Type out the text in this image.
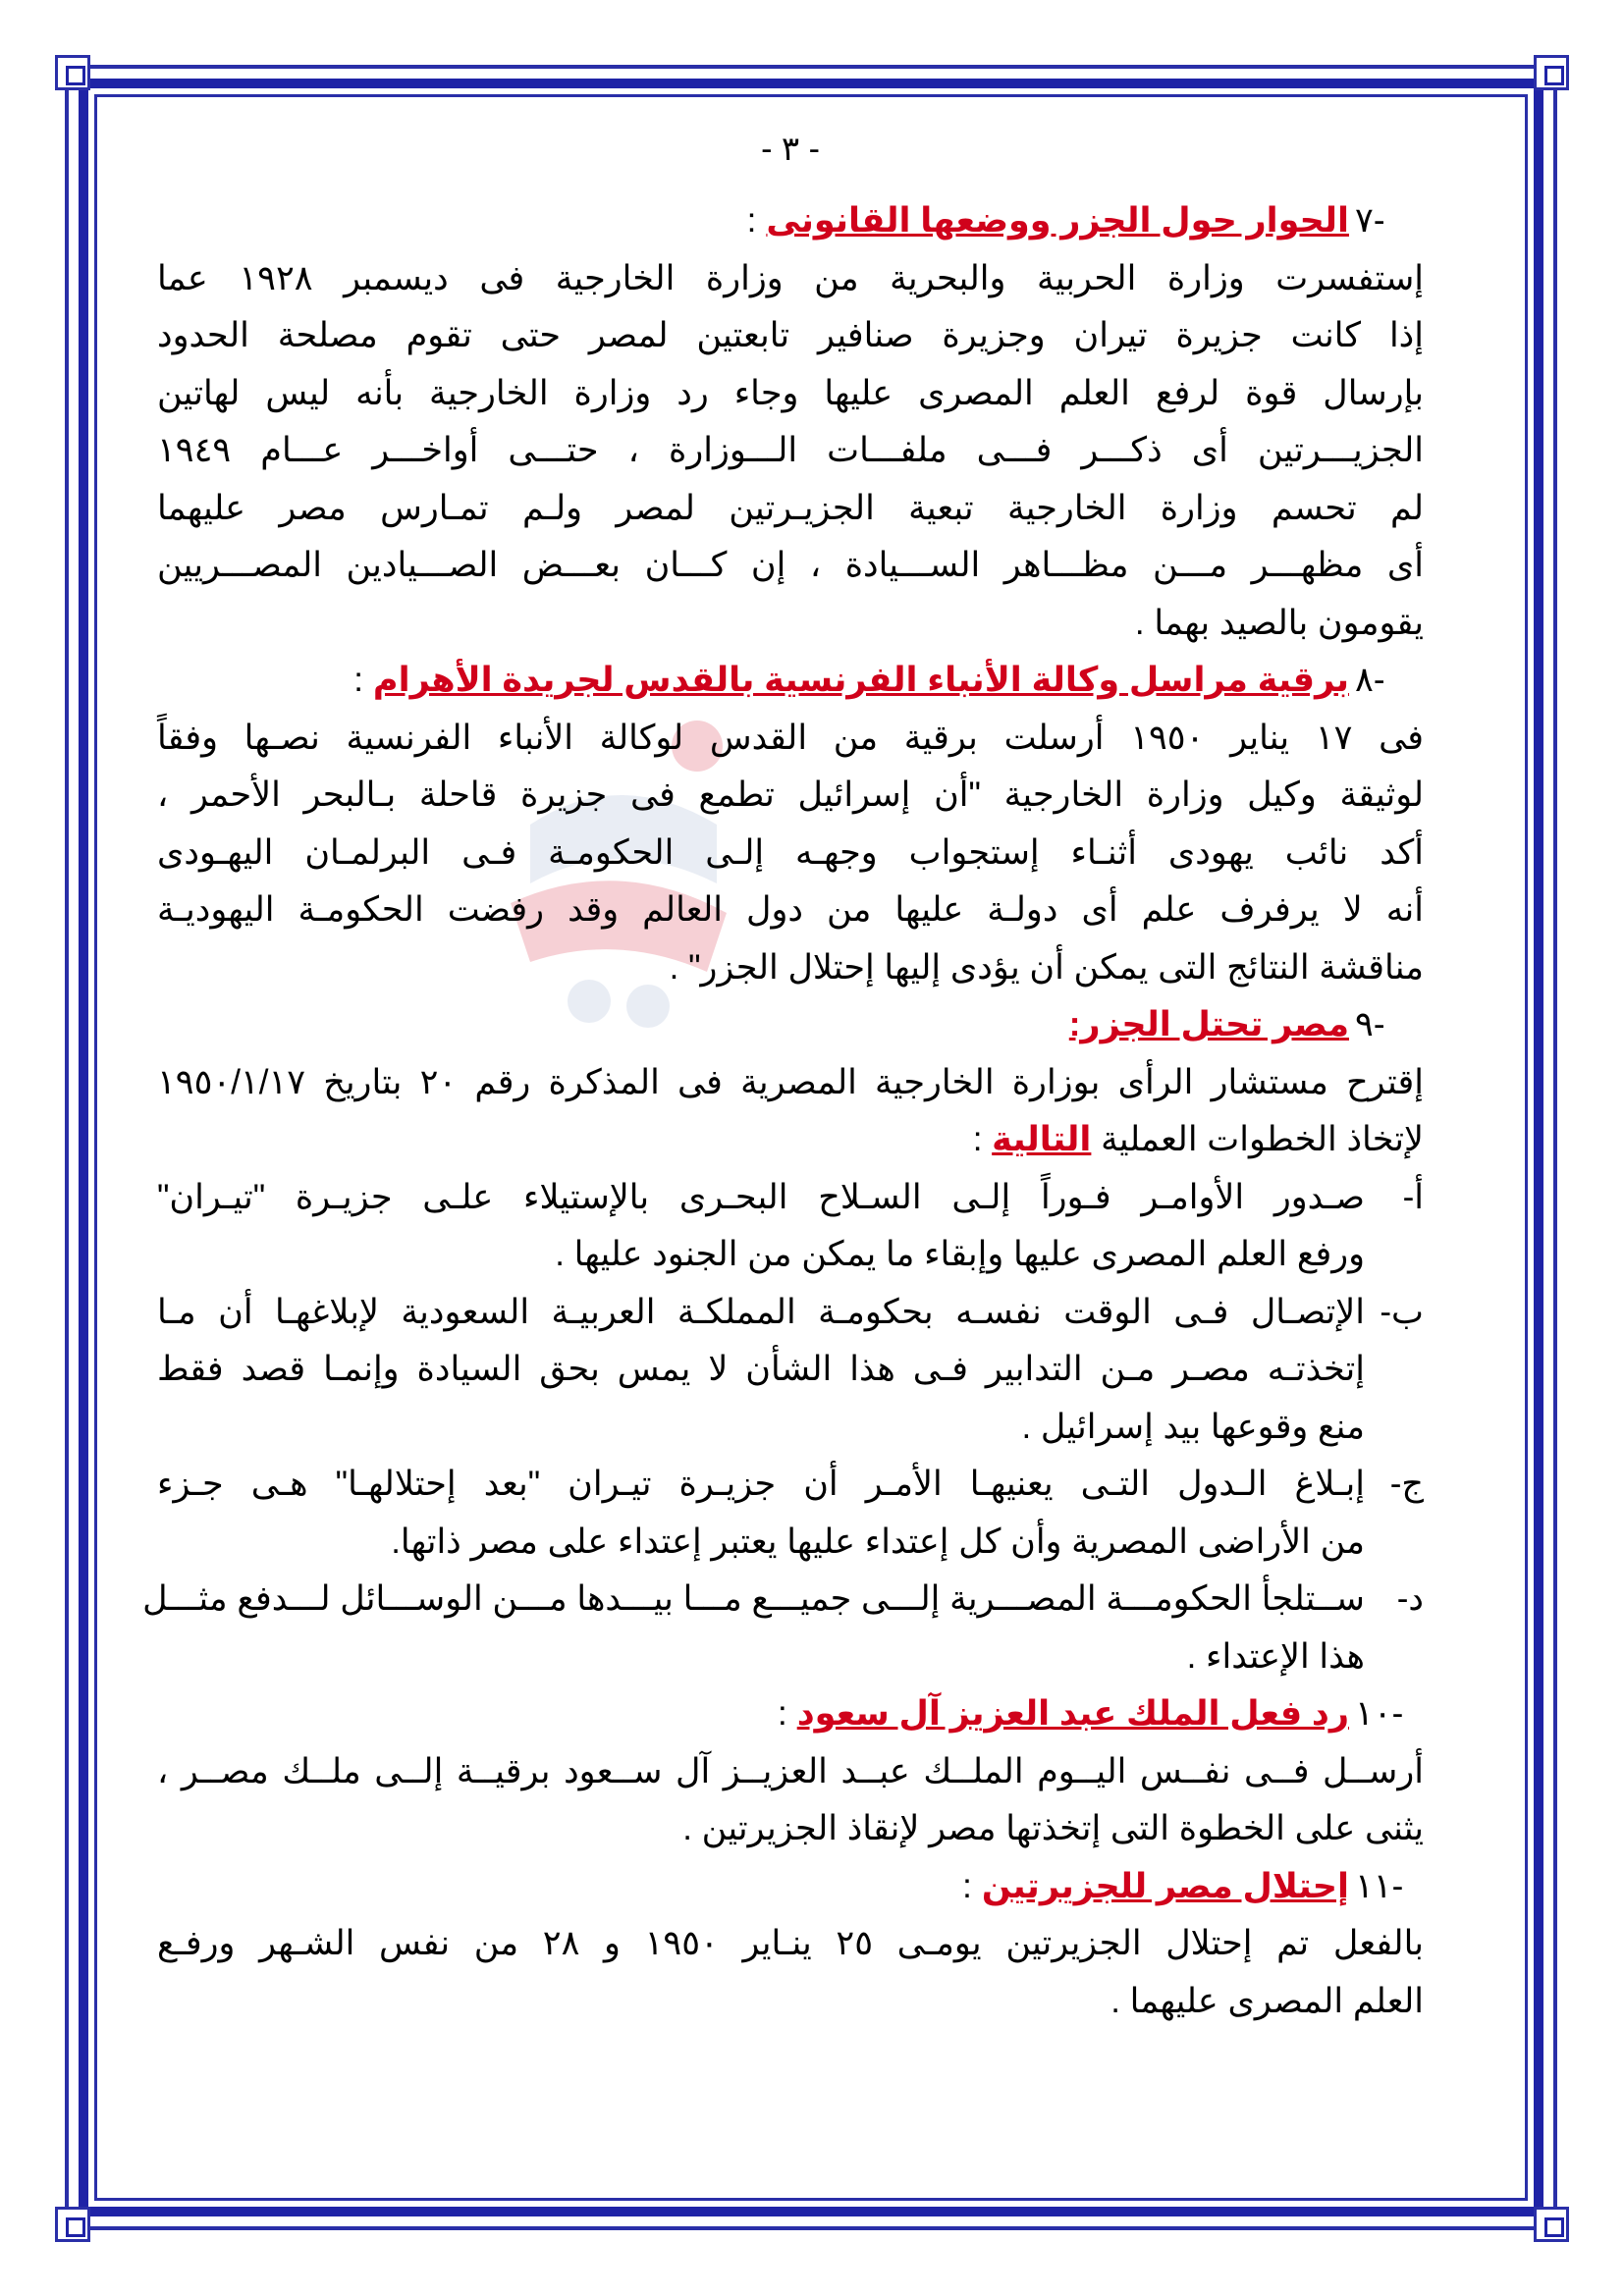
- ٣ -
-٧
الحوار حول الجزر ووضعها القانونى
:
إستفسرت وزارة الحربية والبحرية من وزارة الخارجية فى ديسمبر ١٩٢٨ عما
إذا كانت جزيرة تيران وجزيرة صنافير تابعتين لمصر حتى تقوم مصلحة الحدود
بإرسال قوة لرفع العلم المصرى عليها وجاء رد وزارة الخارجية بأنه ليس لهاتين
الجزيـــرتين أى ذكـــر فـــى ملفـــات الـــوزارة ، حتـــى أواخـــر عـــام ١٩٤٩
لم تحسم وزارة الخارجية تبعية الجزيـرتين لمصر ولـم تمـارس مصر عليهما
أى مظهـــر مـــن مظـــاهر الســـيادة ، إن كـــان بعـــض الصـــيادين المصـــريين
يقومون بالصيد بهما .
-٨
برقية مراسل وكالة الأنباء الفرنسية بالقدس لجريدة الأهرام
:
فى ١٧ يناير ١٩٥٠ أرسلت برقية من القدس لوكالة الأنباء الفرنسية نصـها وفقاً
لوثيقة وكيل وزارة الخارجية "أن إسرائيل تطمع فى جزيرة قاحلة بـالبحر الأحمر ،
أكد نائب يهودى أثنـاء إستجواب وجهـه إلـى الحكومـة فـى البرلمـان اليهـودى
أنه لا يرفرف علم أى دولـة عليها من دول العالم وقد رفضت الحكومـة اليهوديـة
مناقشة النتائج التى يمكن أن يؤدى إليها إحتلال الجزر" .
-٩
مصر تحتل الجزر:
إقترح مستشار الرأى بوزارة الخارجية المصرية فى المذكرة رقم ٢٠ بتاريخ ١٩٥٠/١/١٧
لإتخاذ الخطوات العملية التالية :
أ-
صـدور الأوامـر فـوراً إلـى السـلاح البحـرى بالإستيلاء علـى جزيـرة "تيـران"
ورفع العلم المصرى عليها وإبقاء ما يمكن من الجنود عليها .
ب-
الإتصـال فـى الوقت نفسـه بحكومـة المملكـة العربيـة السعودية لإبلاغهـا أن مـا
إتخذتـه مصـر مـن التدابير فـى هذا الشأن لا يمس بحق السيادة وإنمـا قصد فقط
منع وقوعها بيد إسرائيل .
ج-
إبـلاغ الـدول التـى يعنيهـا الأمـر أن جزيـرة تيـران "بعد إحتلالهـا" هـى جـزء
من الأراضى المصرية وأن كل إعتداء عليها يعتبر إعتداء على مصر ذاتها.
د-
ســتلجأ الحكومـــة المصـــرية إلـــى جميـــع مـــا بيـــدها مـــن الوســـائل لـــدفع مثـــل
هذا الإعتداء .
-١٠
رد فعل الملك عبد العزيز آل سعود
:
أرســل فــى نفــس اليــوم الملــك عبــد العزيــز آل ســعود برقيــة إلــى ملــك مصــر ،
يثنى على الخطوة التى إتخذتها مصر لإنقاذ الجزيرتين .
-١١
إحتلال مصر للجزيرتين
:
بالفعل تم إحتلال الجزيرتين يومـى ٢٥ ينـاير ١٩٥٠ و ٢٨ من نفس الشـهر ورفـع
العلم المصرى عليهما .
